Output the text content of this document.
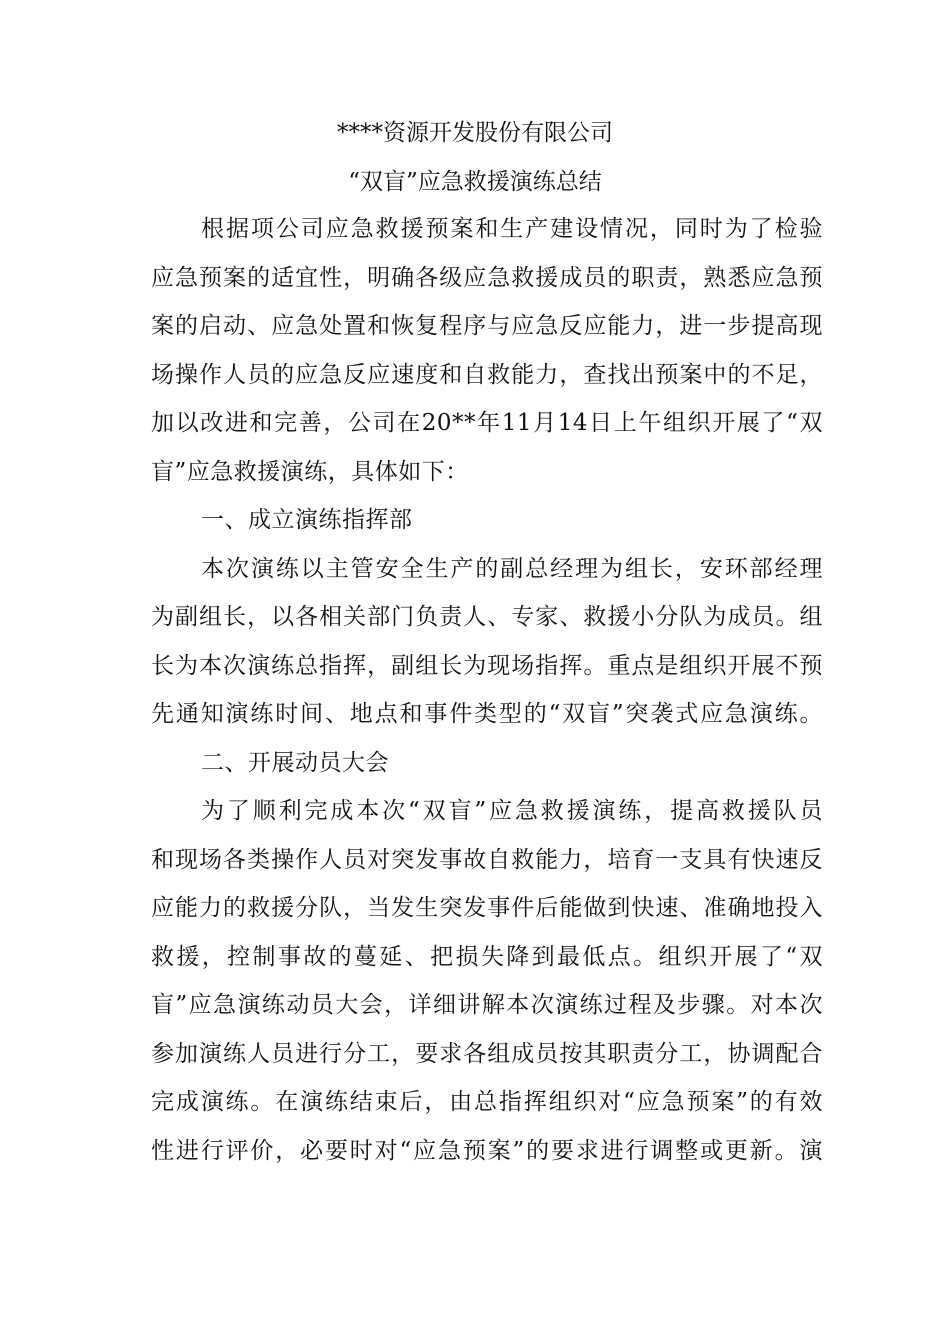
****资源开发股份有限公司
“双盲”应急救援演练总结
根据项公司应急救援预案和生产建设情况，同时为了检验
应急预案的适宜性，明确各级应急救援成员的职责，熟悉应急预
案的启动、应急处置和恢复程序与应急反应能力，进一步提高现
场操作人员的应急反应速度和自救能力，查找出预案中的不足，
加以改进和完善，公司在20**年11月14日上午组织开展了“双
盲”应急救援演练，具体如下：
一、成立演练指挥部
本次演练以主管安全生产的副总经理为组长，安环部经理
为副组长，以各相关部门负责人、专家、救援小分队为成员。组
长为本次演练总指挥，副组长为现场指挥。重点是组织开展不预
先通知演练时间、地点和事件类型的“双盲”突袭式应急演练。
二、开展动员大会
为了顺利完成本次“双盲”应急救援演练，提高救援队员
和现场各类操作人员对突发事故自救能力，培育一支具有快速反
应能力的救援分队，当发生突发事件后能做到快速、准确地投入
救援，控制事故的蔓延、把损失降到最低点。组织开展了“双
盲”应急演练动员大会，详细讲解本次演练过程及步骤。对本次
参加演练人员进行分工，要求各组成员按其职责分工，协调配合
完成演练。在演练结束后，由总指挥组织对“应急预案”的有效
性进行评价，必要时对“应急预案”的要求进行调整或更新。演
